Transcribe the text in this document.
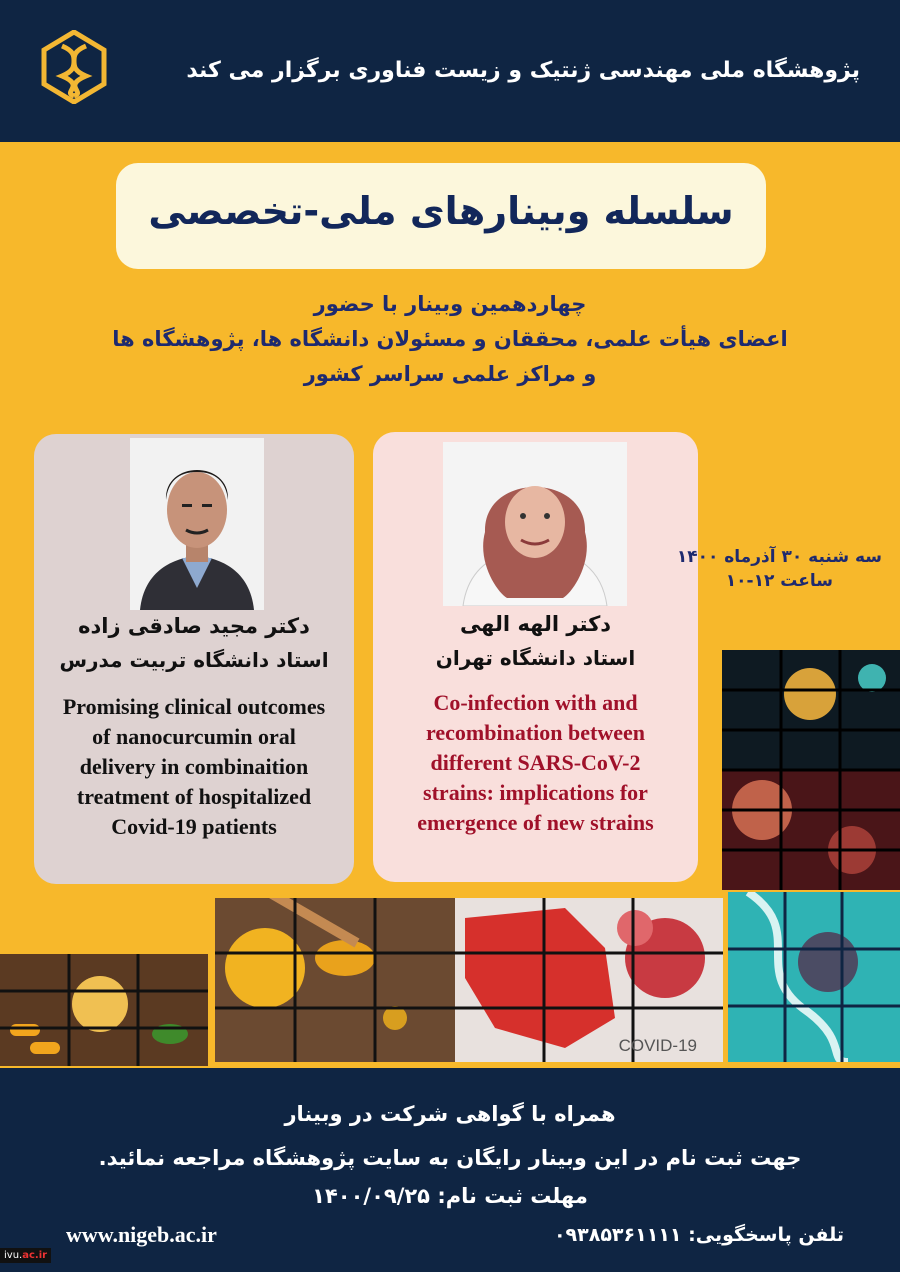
پژوهشگاه ملی مهندسی ژنتیک و زیست فناوری برگزار می کند
سلسله وبینارهای ملی-تخصصی
چهاردهمین وبینار با حضور
اعضای هیأت علمی، محققان و مسئولان دانشگاه ها، پژوهشگاه ها
و مراکز علمی سراسر کشور
دکتر مجید صادقی زاده
استاد دانشگاه تربیت مدرس
Promising clinical outcomes
of nanocurcumin oral
delivery in combinaition
treatment of hospitalized
Covid-19 patients
دکتر الهه الهی
استاد دانشگاه تهران
Co-infection with and
recombination between
different SARS-CoV-2
strains: implications for
emergence of new strains
سه شنبه ۳۰ آذرماه ۱۴۰۰
ساعت ۱۲-۱۰
COVID-19
همراه با گواهی شرکت در وبینار
جهت ثبت نام در این وبینار رایگان به سایت پژوهشگاه مراجعه نمائید.
مهلت ثبت نام: ۱۴۰۰/۰۹/۲۵
www.nigeb.ac.ir	تلفن پاسخگویی: ۰۹۳۸۵۳۶۱۱۱۱
ivu.ac.ir
